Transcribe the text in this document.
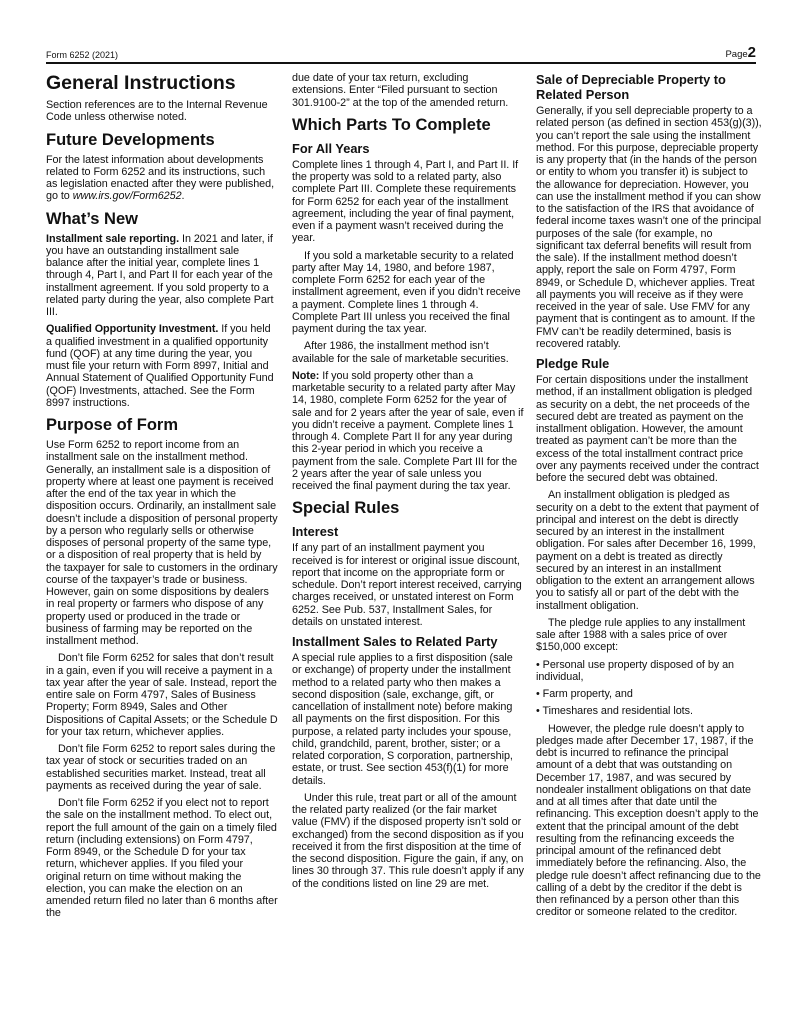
Form 6252 (2021)	Page2
General Instructions

Section references are to the Internal Revenue Code unless otherwise noted.

Future Developments

For the latest information about developments related to Form 6252 and its instructions, such as legislation enacted after they were published, go to www.irs.gov/Form6252.

What’s New

Installment sale reporting. In 2021 and later, if you have an outstanding installment sale balance after the initial year, complete lines 1 through 4, Part I, and Part II for each year of the installment agreement. If you sold property to a related party during the year, also complete Part III.

Qualified Opportunity Investment. If you held a qualified investment in a qualified opportunity fund (QOF) at any time during the year, you must file your return with Form 8997, Initial and Annual Statement of Qualified Opportunity Fund (QOF) Investments, attached. See the Form 8997 instructions.

Purpose of Form

Use Form 6252 to report income from an installment sale on the installment method. Generally, an installment sale is a disposition of property where at least one payment is received after the end of the tax year in which the disposition occurs. Ordinarily, an installment sale doesn’t include a disposition of personal property by a person who regularly sells or otherwise disposes of personal property of the same type, or a disposition of real property that is held by the taxpayer for sale to customers in the ordinary course of the taxpayer’s trade or business. However, gain on some dispositions by dealers in real property or farmers who dispose of any property used or produced in the trade or business of farming may be reported on the installment method.

Don’t file Form 6252 for sales that don’t result in a gain, even if you will receive a payment in a tax year after the year of sale. Instead, report the entire sale on Form 4797, Sales of Business Property; Form 8949, Sales and Other Dispositions of Capital Assets; or the Schedule D for your tax return, whichever applies.

Don’t file Form 6252 to report sales during the tax year of stock or securities traded on an established securities market. Instead, treat all payments as received during the year of sale.

Don’t file Form 6252 if you elect not to report the sale on the installment method. To elect out, report the full amount of the gain on a timely filed return (including extensions) on Form 4797, Form 8949, or the Schedule D for your tax return, whichever applies. If you filed your original return on time without making the election, you can make the election on an amended return filed no later than 6 months after the

due date of your tax return, excluding extensions. Enter “Filed pursuant to section 301.9100-2” at the top of the amended return.

Which Parts To Complete
For All Years

Complete lines 1 through 4, Part I, and Part II. If the property was sold to a related party, also complete Part III. Complete these requirements for Form 6252 for each year of the installment agreement, including the year of final payment, even if a payment wasn’t received during the year.

If you sold a marketable security to a related party after May 14, 1980, and before 1987, complete Form 6252 for each year of the installment agreement, even if you didn’t receive a payment. Complete lines 1 through 4. Complete Part III unless you received the final payment during the tax year.

After 1986, the installment method isn’t available for the sale of marketable securities.

Note: If you sold property other than a marketable security to a related party after May 14, 1980, complete Form 6252 for the year of sale and for 2 years after the year of sale, even if you didn’t receive a payment. Complete lines 1 through 4. Complete Part II for any year during this 2-year period in which you receive a payment from the sale. Complete Part III for the 2 years after the year of sale unless you received the final payment during the tax year.

Special Rules
Interest

If any part of an installment payment you received is for interest or original issue discount, report that income on the appropriate form or schedule. Don’t report interest received, carrying charges received, or unstated interest on Form 6252. See Pub. 537, Installment Sales, for details on unstated interest.

Installment Sales to Related Party

A special rule applies to a first disposition (sale or exchange) of property under the installment method to a related party who then makes a second disposition (sale, exchange, gift, or cancellation of installment note) before making all payments on the first disposition. For this purpose, a related party includes your spouse, child, grandchild, parent, brother, sister; or a related corporation, S corporation, partnership, estate, or trust. See section 453(f)(1) for more details.

Under this rule, treat part or all of the amount the related party realized (or the fair market value (FMV) if the disposed property isn’t sold or exchanged) from the second disposition as if you received it from the first disposition at the time of the second disposition. Figure the gain, if any, on lines 30 through 37. This rule doesn’t apply if any of the conditions listed on line 29 are met.

Sale of Depreciable Property to Related Person

Generally, if you sell depreciable property to a related person (as defined in section 453(g)(3)), you can’t report the sale using the installment method. For this purpose, depreciable property is any property that (in the hands of the person or entity to whom you transfer it) is subject to the allowance for depreciation. However, you can use the installment method if you can show to the satisfaction of the IRS that avoidance of federal income taxes wasn’t one of the principal purposes of the sale (for example, no significant tax deferral benefits will result from the sale). If the installment method doesn’t apply, report the sale on Form 4797, Form 8949, or Schedule D, whichever applies. Treat all payments you will receive as if they were received in the year of sale. Use FMV for any payment that is contingent as to amount. If the FMV can’t be readily determined, basis is recovered ratably.

Pledge Rule

For certain dispositions under the installment method, if an installment obligation is pledged as security on a debt, the net proceeds of the secured debt are treated as payment on the installment obligation. However, the amount treated as payment can’t be more than the excess of the total installment contract price over any payments received under the contract before the secured debt was obtained.

An installment obligation is pledged as security on a debt to the extent that payment of principal and interest on the debt is directly secured by an interest in the installment obligation. For sales after December 16, 1999, payment on a debt is treated as directly secured by an interest in an installment obligation to the extent an arrangement allows you to satisfy all or part of the debt with the installment obligation.

The pledge rule applies to any installment sale after 1988 with a sales price of over $150,000 except:

• Personal use property disposed of by an individual,

• Farm property, and

• Timeshares and residential lots.

However, the pledge rule doesn’t apply to pledges made after December 17, 1987, if the debt is incurred to refinance the principal amount of a debt that was outstanding on December 17, 1987, and was secured by nondealer installment obligations on that date and at all times after that date until the refinancing. This exception doesn’t apply to the extent that the principal amount of the debt resulting from the refinancing exceeds the principal amount of the refinanced debt immediately before the refinancing. Also, the pledge rule doesn’t affect refinancing due to the calling of a debt by the creditor if the debt is then refinanced by a person other than this creditor or someone related to the creditor.
